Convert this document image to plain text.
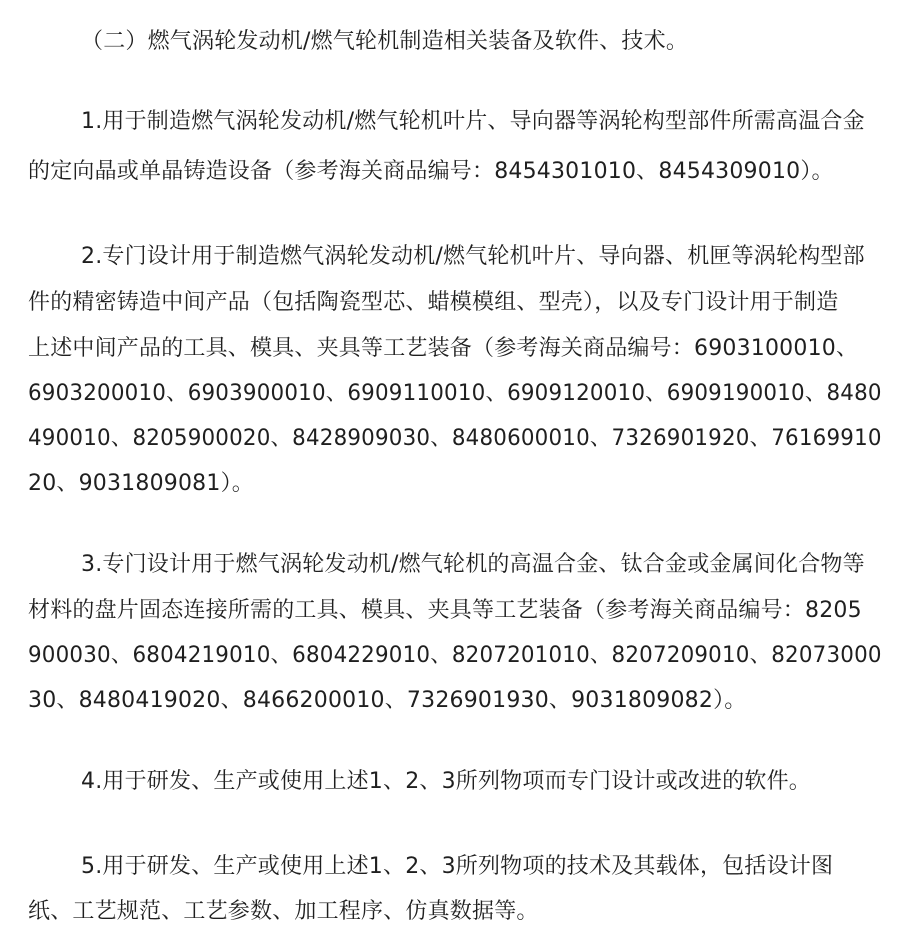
（二）燃气涡轮发动机/燃气轮机制造相关装备及软件、技术。
1.用于制造燃气涡轮发动机/燃气轮机叶片、导向器等涡轮构型部件所需高温合金
的定向晶或单晶铸造设备（参考海关商品编号：8454301010、8454309010）。
2.专门设计用于制造燃气涡轮发动机/燃气轮机叶片、导向器、机匣等涡轮构型部
件的精密铸造中间产品（包括陶瓷型芯、蜡模模组、型壳），以及专门设计用于制造
上述中间产品的工具、模具、夹具等工艺装备（参考海关商品编号：6903100010、
6903200010、6903900010、6909110010、6909120010、6909190010、8480
490010、8205900020、8428909030、8480600010、7326901920、76169910
20、9031809081）。
3.专门设计用于燃气涡轮发动机/燃气轮机的高温合金、钛合金或金属间化合物等
材料的盘片固态连接所需的工具、模具、夹具等工艺装备（参考海关商品编号：8205
900030、6804219010、6804229010、8207201010、8207209010、82073000
30、8480419020、8466200010、7326901930、9031809082）。
4.用于研发、生产或使用上述1、2、3所列物项而专门设计或改进的软件。
5.用于研发、生产或使用上述1、2、3所列物项的技术及其载体，包括设计图
纸、工艺规范、工艺参数、加工程序、仿真数据等。
